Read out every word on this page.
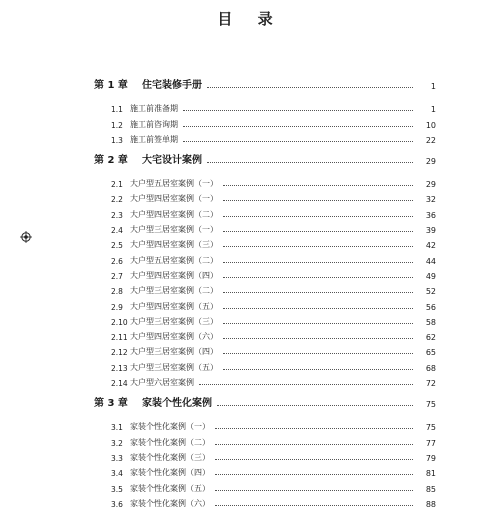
目 录
第 1 章	住宅装修手册	1
1.1 施工前准备期	1
1.2 施工前咨询期	10
1.3 施工前签单期	22
第 2 章	大宅设计案例	29
2.1 大户型五居室案例（一）	29
2.2 大户型四居室案例（一）	32
2.3 大户型四居室案例（二）	36
2.4 大户型三居室案例（一）	39
2.5 大户型四居室案例（三）	42
2.6 大户型五居室案例（二）	44
2.7 大户型四居室案例（四）	49
2.8 大户型三居室案例（二）	52
2.9 大户型四居室案例（五）	56
2.10 大户型三居室案例（三）	58
2.11 大户型四居室案例（六）	62
2.12 大户型三居室案例（四）	65
2.13 大户型三居室案例（五）	68
2.14 大户型六居室案例	72
第 3 章	家装个性化案例	75
3.1 家装个性化案例（一）	75
3.2 家装个性化案例（二）	77
3.3 家装个性化案例（三）	79
3.4 家装个性化案例（四）	81
3.5 家装个性化案例（五）	85
3.6 家装个性化案例（六）	88
